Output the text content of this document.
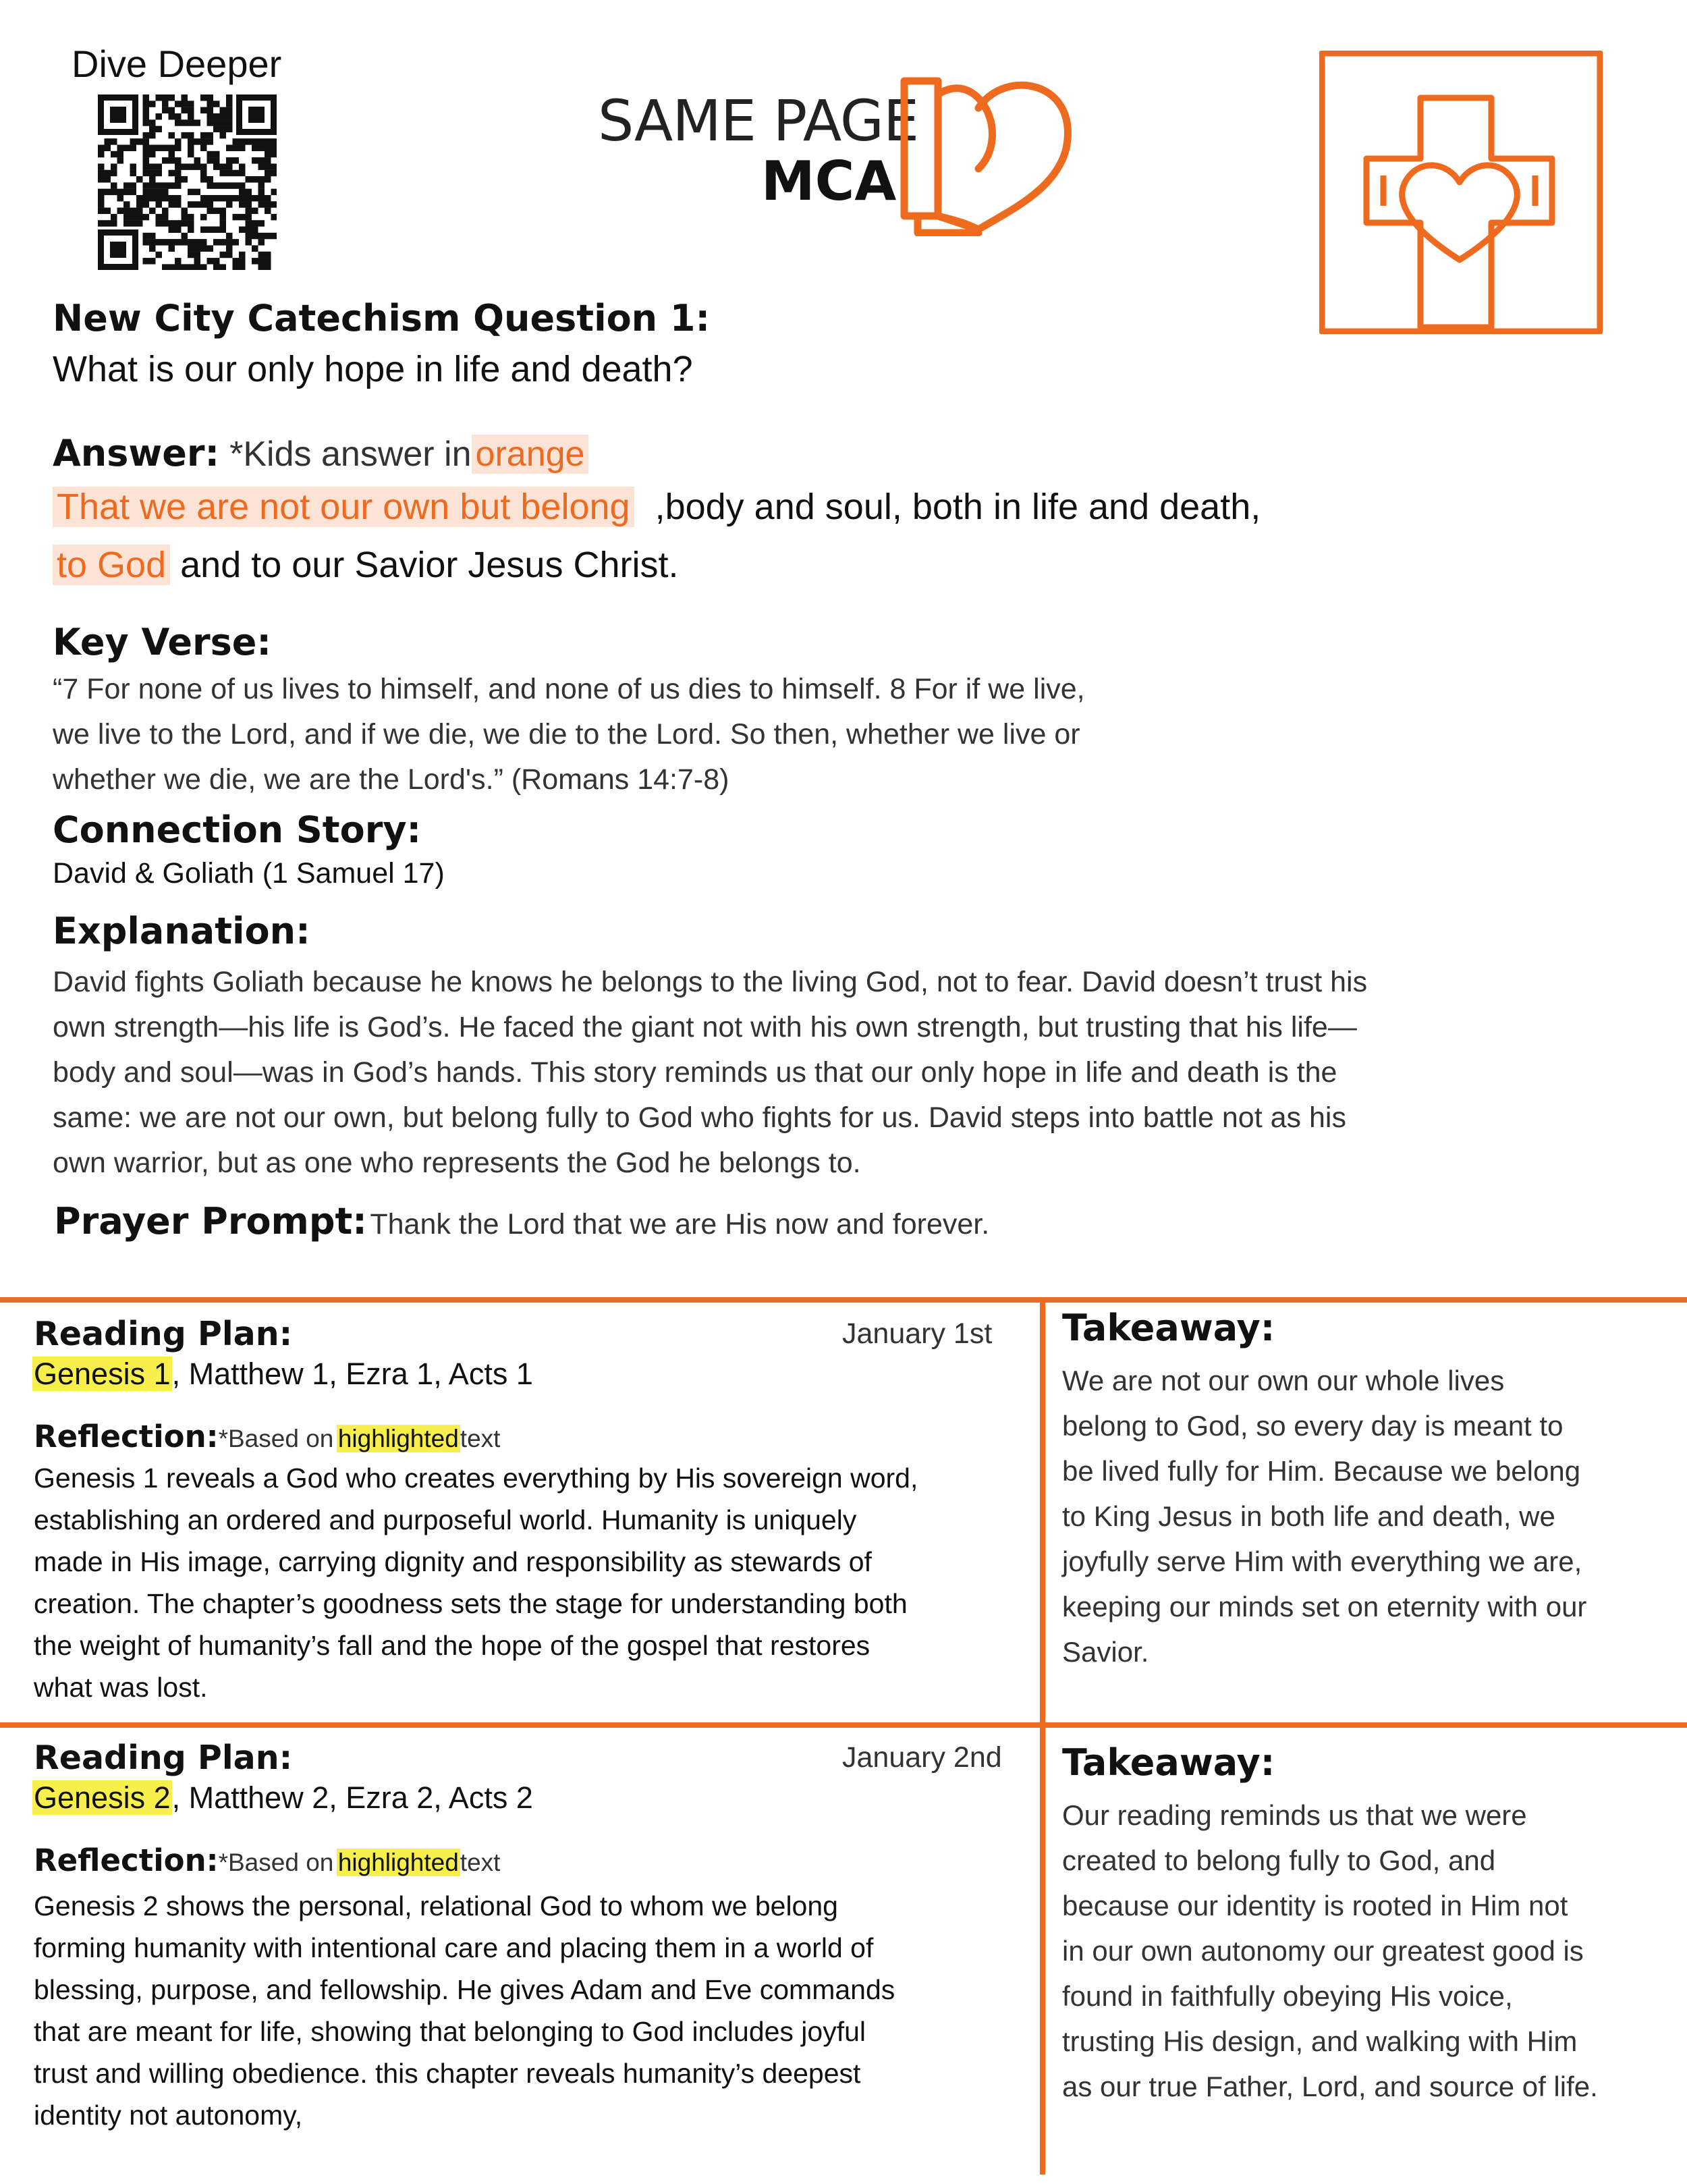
Dive Deeper
SAME PAGE
MCA
New City Catechism Question 1:
What is our only hope in life and death?
Answer: *Kids answer in orange
That we are not our own but belong ,body and soul, both in life and death,
to God and to our Savior Jesus Christ.
Key Verse:
“7 For none of us lives to himself, and none of us dies to himself. 8 For if we live,
we live to the Lord, and if we die, we die to the Lord. So then, whether we live or
whether we die, we are the Lord's.” (Romans 14:7-8)
Connection Story:
David & Goliath (1 Samuel 17)
Explanation:
David fights Goliath because he knows he belongs to the living God, not to fear. David doesn’t trust his
own strength—his life is God’s. He faced the giant not with his own strength, but trusting that his life—
body and soul—was in God’s hands. This story reminds us that our only hope in life and death is the
same: we are not our own, but belong fully to God who fights for us. David steps into battle not as his
own warrior, but as one who represents the God he belongs to.
Prayer Prompt: Thank the Lord that we are His now and forever.
Reading Plan:	January 1st
Genesis 1, Matthew 1, Ezra 1, Acts 1
Reflection:*Based on highlightedtext
Genesis 1 reveals a God who creates everything by His sovereign word,
establishing an ordered and purposeful world. Humanity is uniquely
made in His image, carrying dignity and responsibility as stewards of
creation. The chapter’s goodness sets the stage for understanding both
the weight of humanity’s fall and the hope of the gospel that restores
what was lost.
Takeaway:
We are not our own our whole lives
belong to God, so every day is meant to
be lived fully for Him. Because we belong
to King Jesus in both life and death, we
joyfully serve Him with everything we are,
keeping our minds set on eternity with our
Savior.
Reading Plan:	January 2nd
Genesis 2, Matthew 2, Ezra 2, Acts 2
Reflection:*Based on highlightedtext
Genesis 2 shows the personal, relational God to whom we belong
forming humanity with intentional care and placing them in a world of
blessing, purpose, and fellowship. He gives Adam and Eve commands
that are meant for life, showing that belonging to God includes joyful
trust and willing obedience. this chapter reveals humanity’s deepest
identity not autonomy,
Takeaway:
Our reading reminds us that we were
created to belong fully to God, and
because our identity is rooted in Him not
in our own autonomy our greatest good is
found in faithfully obeying His voice,
trusting His design, and walking with Him
as our true Father, Lord, and source of life.
